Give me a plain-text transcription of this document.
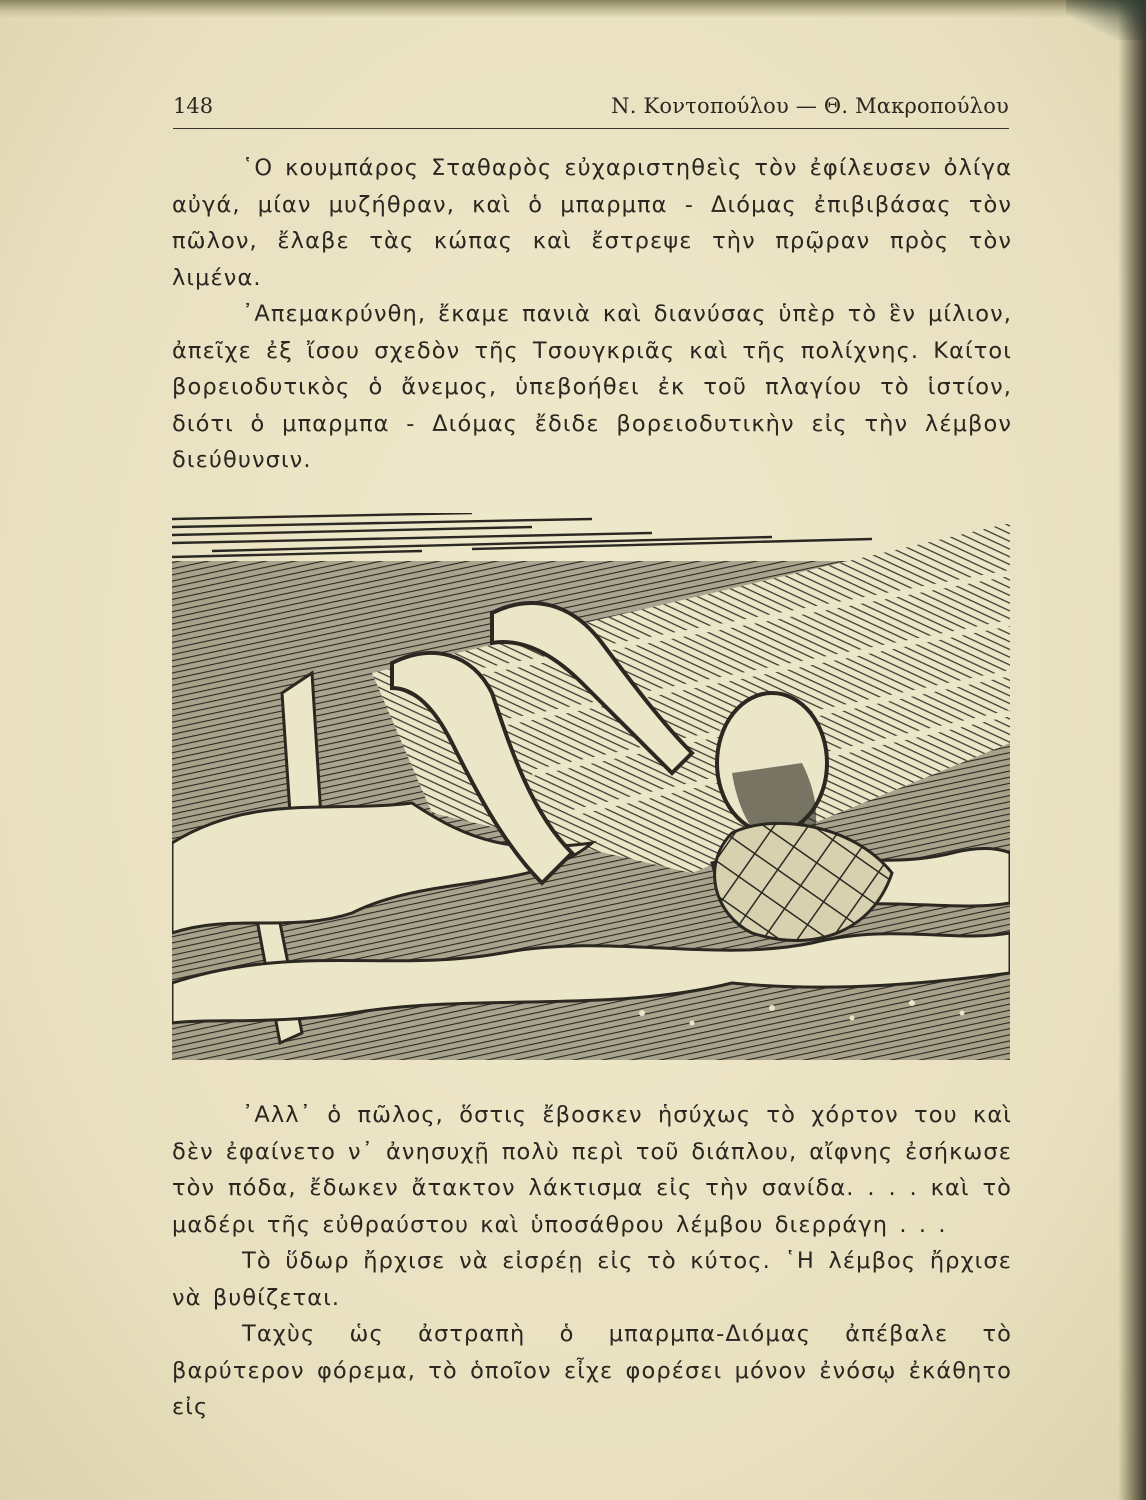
148	Ν. Κοντοπούλου — Θ. Μακροπούλου

῾Ο κουμπάρος Σταθαρὸς εὐχαριστηθεὶς τὸν ἐφίλευσεν ὀλίγα αὐγά, μίαν μυζήθραν, καὶ ὁ μπαρμπα - Διόμας ἐπιβιβάσας τὸν πῶλον, ἔλαβε τὰς κώπας καὶ ἔστρεψε τὴν πρῷραν πρὸς τὸν λιμένα.

᾿Απεμακρύνθη, ἔκαμε πανιὰ καὶ διανύσας ὑπὲρ τὸ ἓν μίλιον, ἀπεῖχε ἐξ ἴσου σχεδὸν τῆς Τσουγκριᾶς καὶ τῆς πολίχνης. Καίτοι βορειοδυτικὸς ὁ ἄνεμος, ὑπεβοήθει ἐκ τοῦ πλαγίου τὸ ἱστίον, διότι ὁ μπαρμπα - Διόμας ἔδιδε βορειοδυτικὴν εἰς τὴν λέμβον διεύθυνσιν.

᾿Αλλ᾿ ὁ πῶλος, ὅστις ἔβοσκεν ἡσύχως τὸ χόρτον του καὶ δὲν ἐφαίνετο ν᾿ ἀνησυχῇ πολὺ περὶ τοῦ διάπλου, αἴφνης ἐσήκωσε τὸν πόδα, ἔδωκεν ἄτακτον λάκτισμα εἰς τὴν σανίδα. . . . καὶ τὸ μαδέρι τῆς εὐθραύστου καὶ ὑποσάθρου λέμβου διερράγη . . .

Τὸ ὕδωρ ἤρχισε νὰ εἰσρέῃ εἰς τὸ κύτος. ῾Η λέμβος ἤρχισε νὰ βυθίζεται.

Ταχὺς ὡς ἀστραπὴ ὁ μπαρμπα-Διόμας ἀπέβαλε τὸ βαρύτερον φόρεμα, τὸ ὁποῖον εἶχε φορέσει μόνον ἐνόσῳ ἐκάθητο εἰς
